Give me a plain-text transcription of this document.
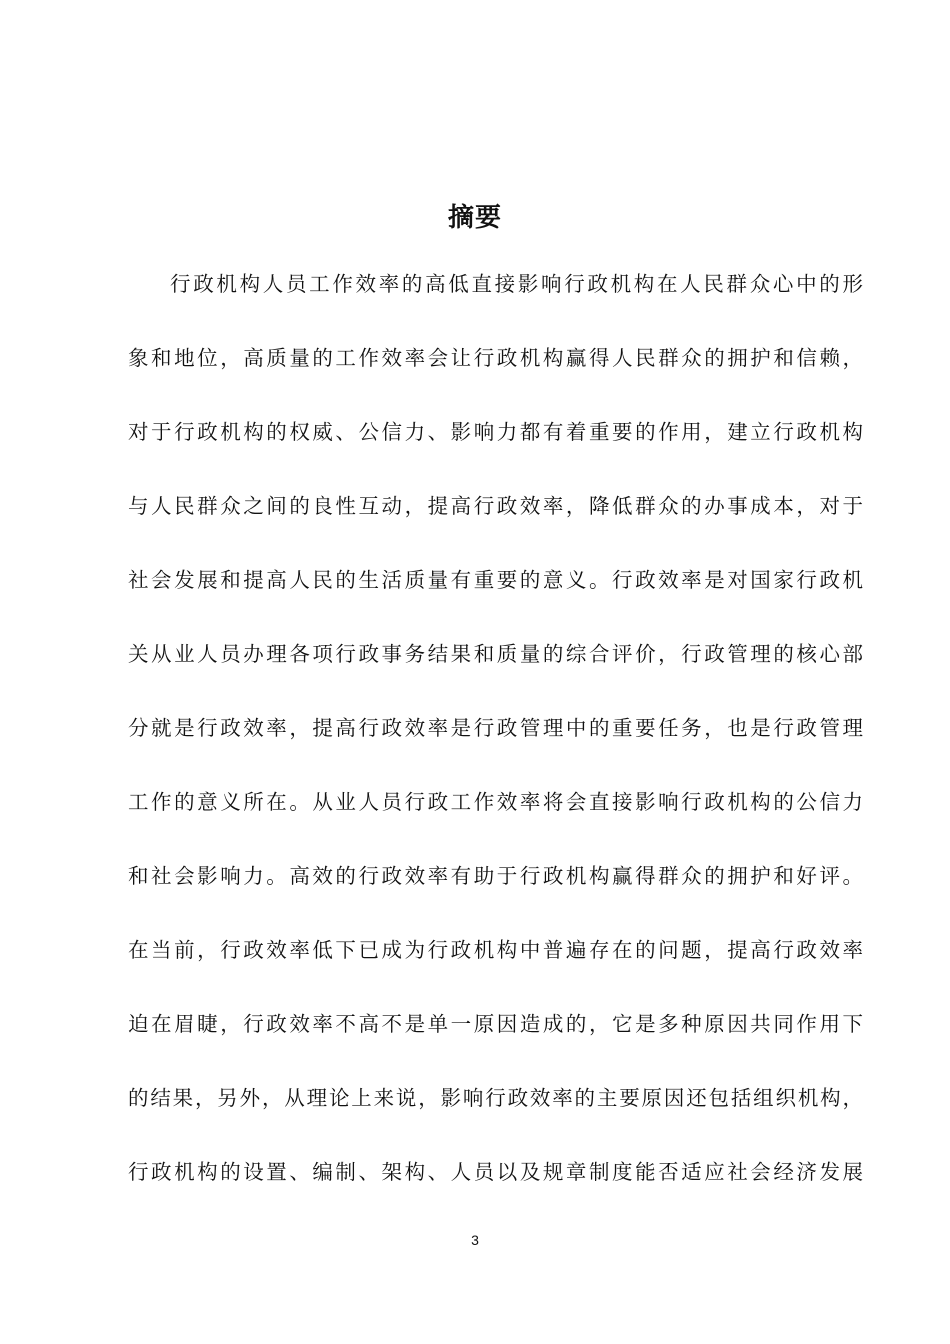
摘要
行政机构人员工作效率的高低直接影响行政机构在人民群众心中的形
象和地位，高质量的工作效率会让行政机构赢得人民群众的拥护和信赖，
对于行政机构的权威、公信力、影响力都有着重要的作用，建立行政机构
与人民群众之间的良性互动，提高行政效率，降低群众的办事成本，对于
社会发展和提高人民的生活质量有重要的意义。行政效率是对国家行政机
关从业人员办理各项行政事务结果和质量的综合评价，行政管理的核心部
分就是行政效率，提高行政效率是行政管理中的重要任务，也是行政管理
工作的意义所在。从业人员行政工作效率将会直接影响行政机构的公信力
和社会影响力。高效的行政效率有助于行政机构赢得群众的拥护和好评。
在当前，行政效率低下已成为行政机构中普遍存在的问题，提高行政效率
迫在眉睫，行政效率不高不是单一原因造成的，它是多种原因共同作用下
的结果，另外，从理论上来说，影响行政效率的主要原因还包括组织机构，
行政机构的设置、编制、架构、人员以及规章制度能否适应社会经济发展
3
